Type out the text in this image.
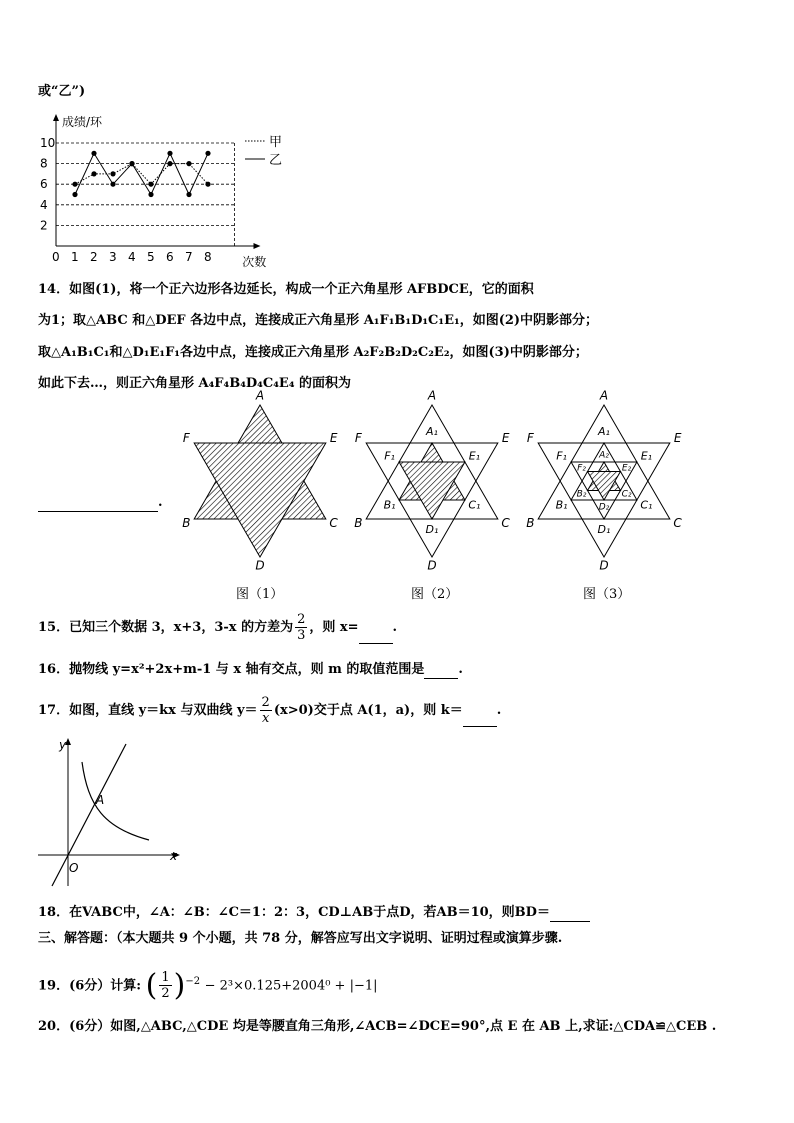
或“乙”)
10
8
6
4
2
0 1 2 3 4 5 6 7 8
成绩/环
次数
甲
乙
14．如图(1)，将一个正六边形各边延长，构成一个正六角星形 AFBDCE，它的面积
为1；取△ABC 和△DEF 各边中点，连接成正六角星形 A₁F₁B₁D₁C₁E₁，如图(2)中阴影部分；
取△A₁B₁C₁和△D₁E₁F₁各边中点，连接成正六角星形 A₂F₂B₂D₂C₂E₂，如图(3)中阴影部分；
如此下去…，则正六角星形 A₄F₄B₄D₄C₄E₄ 的面积为
.
A
B	C
D
E
F
A
B	C
D
E
F	A₁
B₁	C₁
D₁
E₁
F₁
A
B	C
D
E
F	A₁
B₁	C₁
D₁
E₁
F₁	A₂
B₂	C₂
D₂
E₂
F₂
图（1）	图（2）	图（3）
15．已知三个数据 3，x+3，3-x 的方差为 $\frac{2}{3}$ ，则 x=	.
16．抛物线 y=x²+2x+m-1 与 x 轴有交点，则 m 的取值范围是	.
17．如图，直线 y＝kx 与双曲线 $y= \frac{2}{x} (x>0)$交于点 A(1，a)，则 k＝	.
y
x
A
O
18．在VABC中，∠A：∠B：∠C＝1：2：3，CD⊥AB于点D，若AB＝10，则BD＝
三、解答题：（本大题共 9 个小题，共 78 分，解答应写出文字说明、证明过程或演算步骤.
19．(6分）计算: ( $\frac{1}{2} )^{-2} - 2^3\times 0.125+2004^0 + |-1|$
20．(6分）如图,△ABC,△CDE 均是等腰直角三角形,∠ACB=∠DCE=90°,点 E 在 AB 上,求证:△CDA≌△CEB .
